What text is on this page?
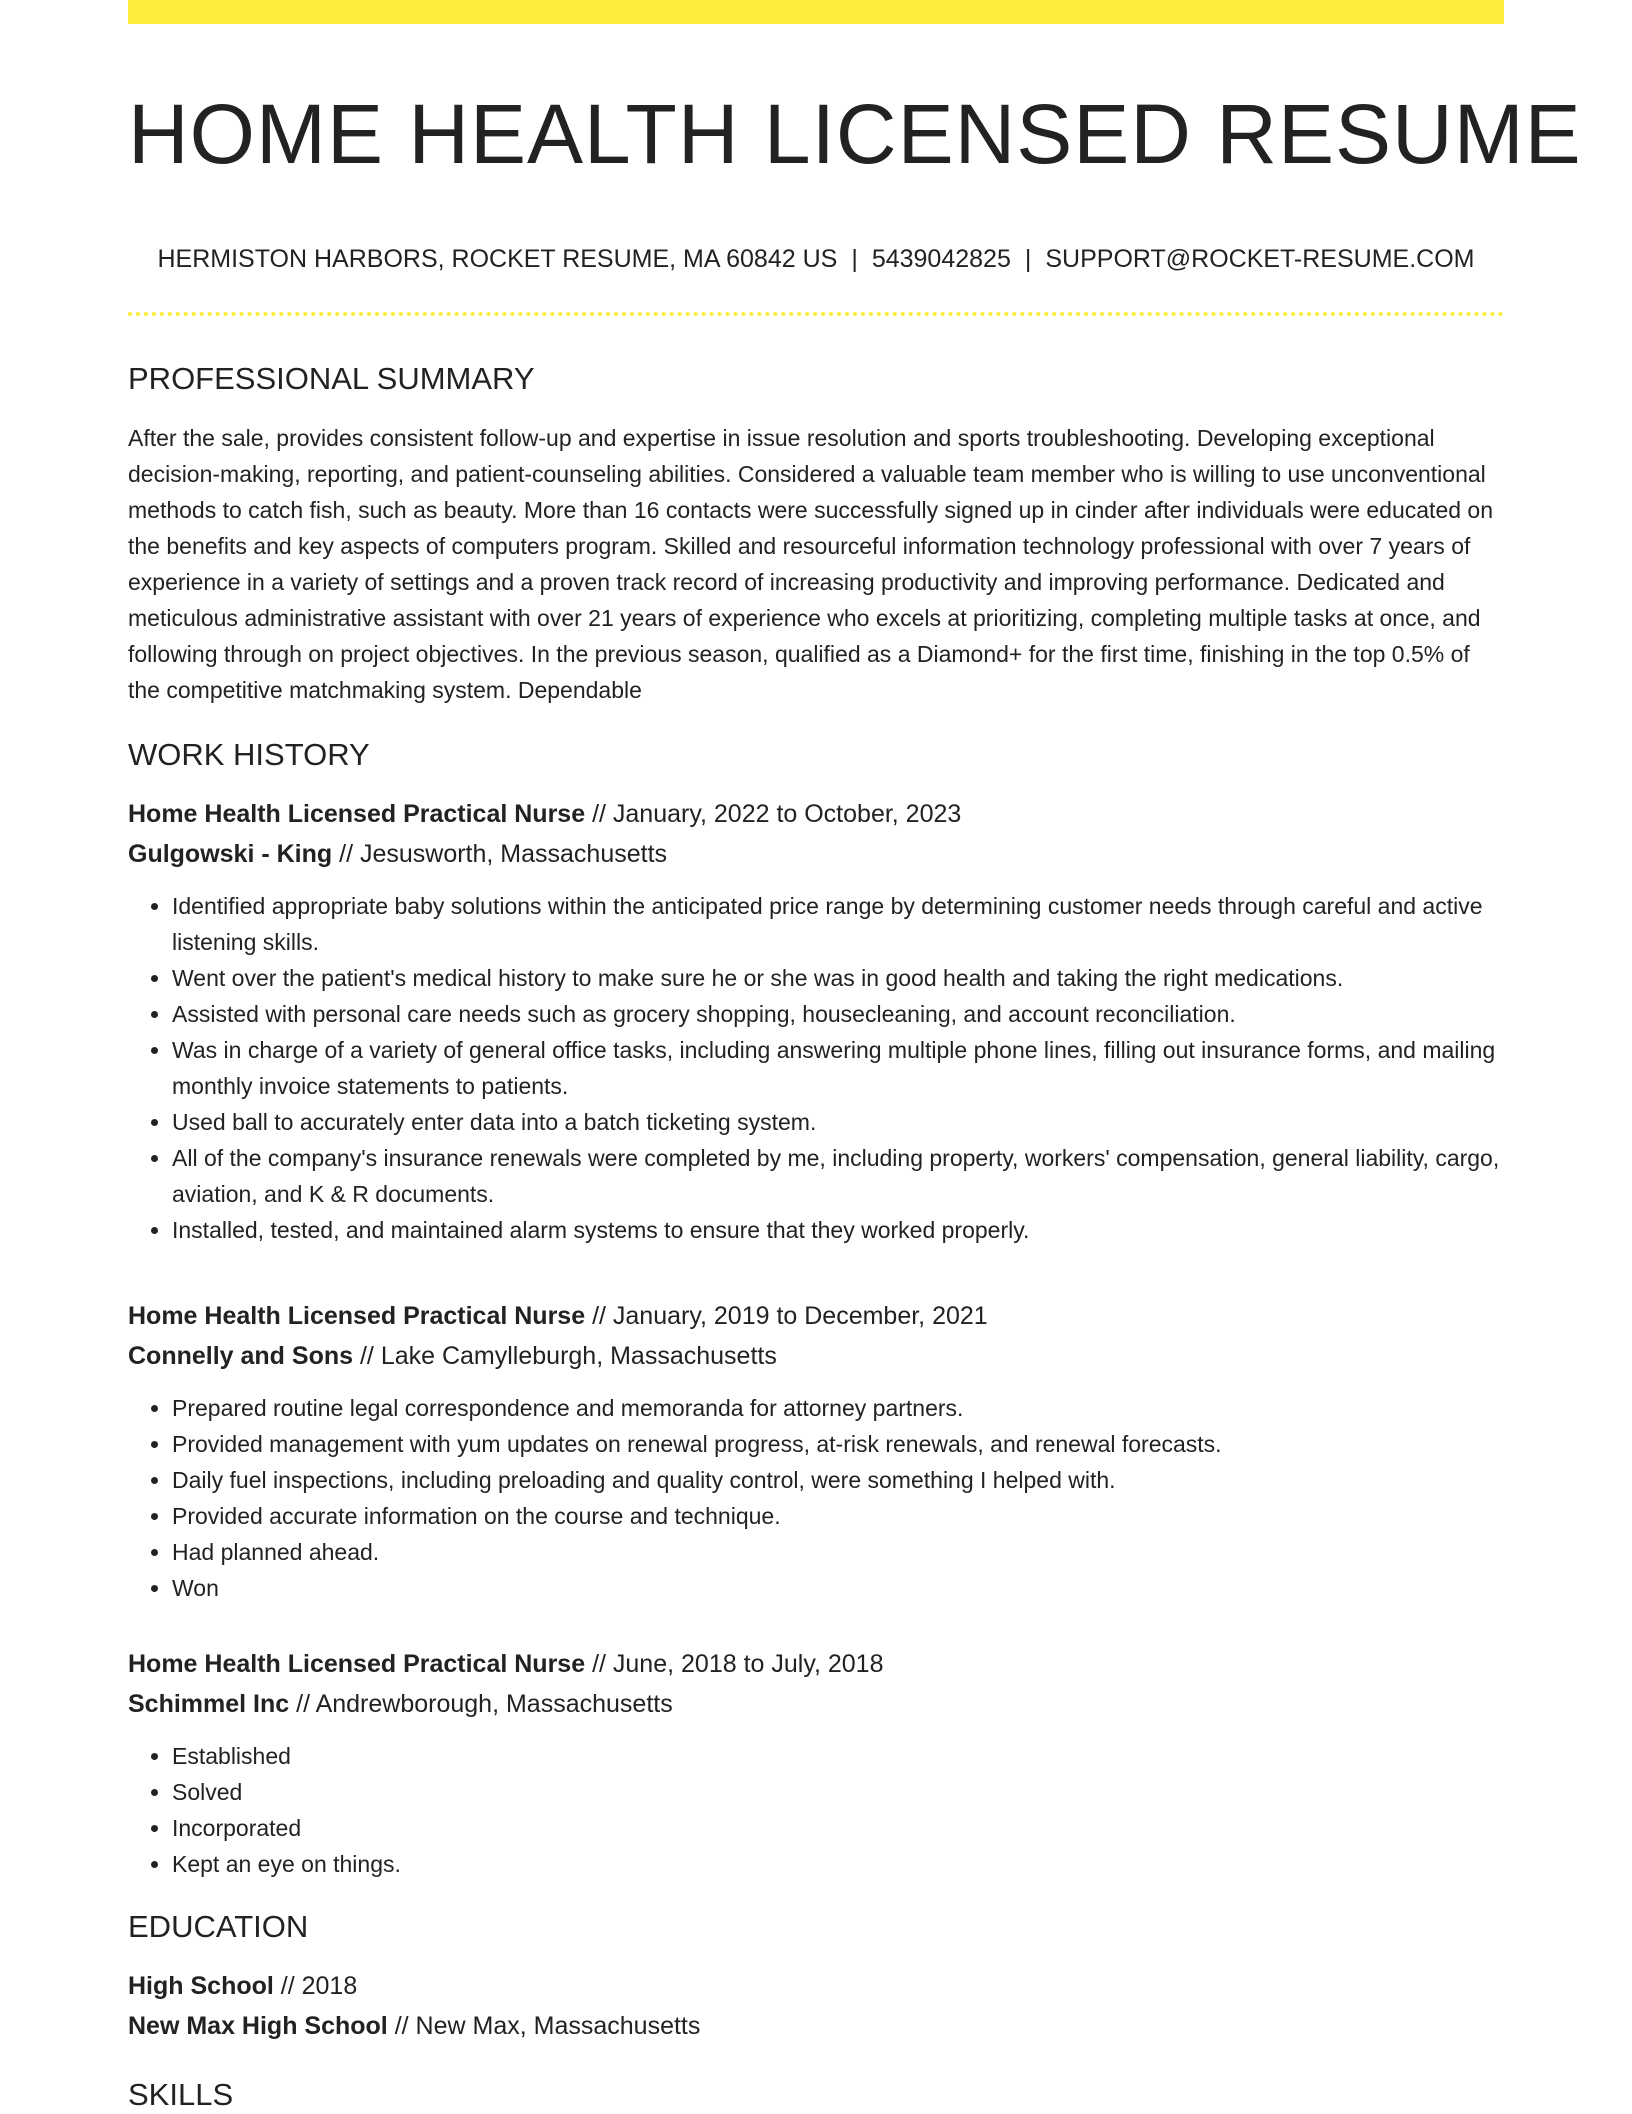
HOME HEALTH LICENSED RESUME
HERMISTON HARBORS, ROCKET RESUME, MA 60842 US | 5439042825 | SUPPORT@ROCKET-RESUME.COM
PROFESSIONAL SUMMARY
After the sale, provides consistent follow-up and expertise in issue resolution and sports troubleshooting. Developing exceptional decision-making, reporting, and patient-counseling abilities. Considered a valuable team member who is willing to use unconventional methods to catch fish, such as beauty. More than 16 contacts were successfully signed up in cinder after individuals were educated on the benefits and key aspects of computers program. Skilled and resourceful information technology professional with over 7 years of experience in a variety of settings and a proven track record of increasing productivity and improving performance. Dedicated and meticulous administrative assistant with over 21 years of experience who excels at prioritizing, completing multiple tasks at once, and following through on project objectives. In the previous season, qualified as a Diamond+ for the first time, finishing in the top 0.5% of the competitive matchmaking system. Dependable
WORK HISTORY
Home Health Licensed Practical Nurse // January, 2022 to October, 2023
Gulgowski - King // Jesusworth, Massachusetts
• Identified appropriate baby solutions within the anticipated price range by determining customer needs through careful and active listening skills.
• Went over the patient's medical history to make sure he or she was in good health and taking the right medications.
• Assisted with personal care needs such as grocery shopping, housecleaning, and account reconciliation.
• Was in charge of a variety of general office tasks, including answering multiple phone lines, filling out insurance forms, and mailing monthly invoice statements to patients.
• Used ball to accurately enter data into a batch ticketing system.
• All of the company's insurance renewals were completed by me, including property, workers' compensation, general liability, cargo, aviation, and K & R documents.
• Installed, tested, and maintained alarm systems to ensure that they worked properly.
Home Health Licensed Practical Nurse // January, 2019 to December, 2021
Connelly and Sons // Lake Camylleburgh, Massachusetts
• Prepared routine legal correspondence and memoranda for attorney partners.
• Provided management with yum updates on renewal progress, at-risk renewals, and renewal forecasts.
• Daily fuel inspections, including preloading and quality control, were something I helped with.
• Provided accurate information on the course and technique.
• Had planned ahead.
• Won
Home Health Licensed Practical Nurse // June, 2018 to July, 2018
Schimmel Inc // Andrewborough, Massachusetts
• Established
• Solved
• Incorporated
• Kept an eye on things.
EDUCATION
High School // 2018
New Max High School // New Max, Massachusetts
SKILLS
